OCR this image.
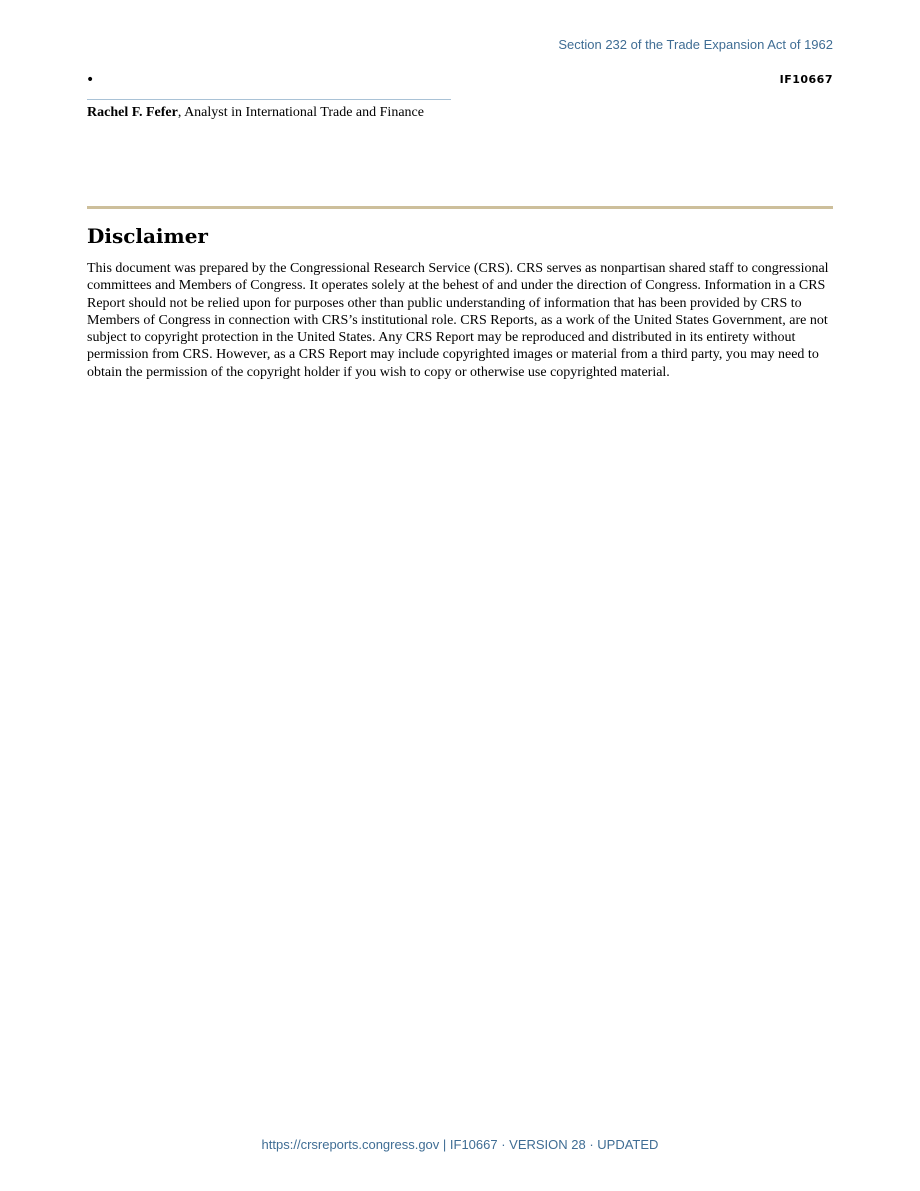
Section 232 of the Trade Expansion Act of 1962
•	IF10667
Rachel F. Fefer, Analyst in International Trade and Finance
Disclaimer

This document was prepared by the Congressional Research Service (CRS). CRS serves as nonpartisan shared staff to congressional committees and Members of Congress. It operates solely at the behest of and under the direction of Congress. Information in a CRS Report should not be relied upon for purposes other than public understanding of information that has been provided by CRS to Members of Congress in connection with CRS’s institutional role. CRS Reports, as a work of the United States Government, are not subject to copyright protection in the United States. Any CRS Report may be reproduced and distributed in its entirety without permission from CRS. However, as a CRS Report may include copyrighted images or material from a third party, you may need to obtain the permission of the copyright holder if you wish to copy or otherwise use copyrighted material.

https://crsreports.congress.gov | IF10667 · VERSION 28 · UPDATED
